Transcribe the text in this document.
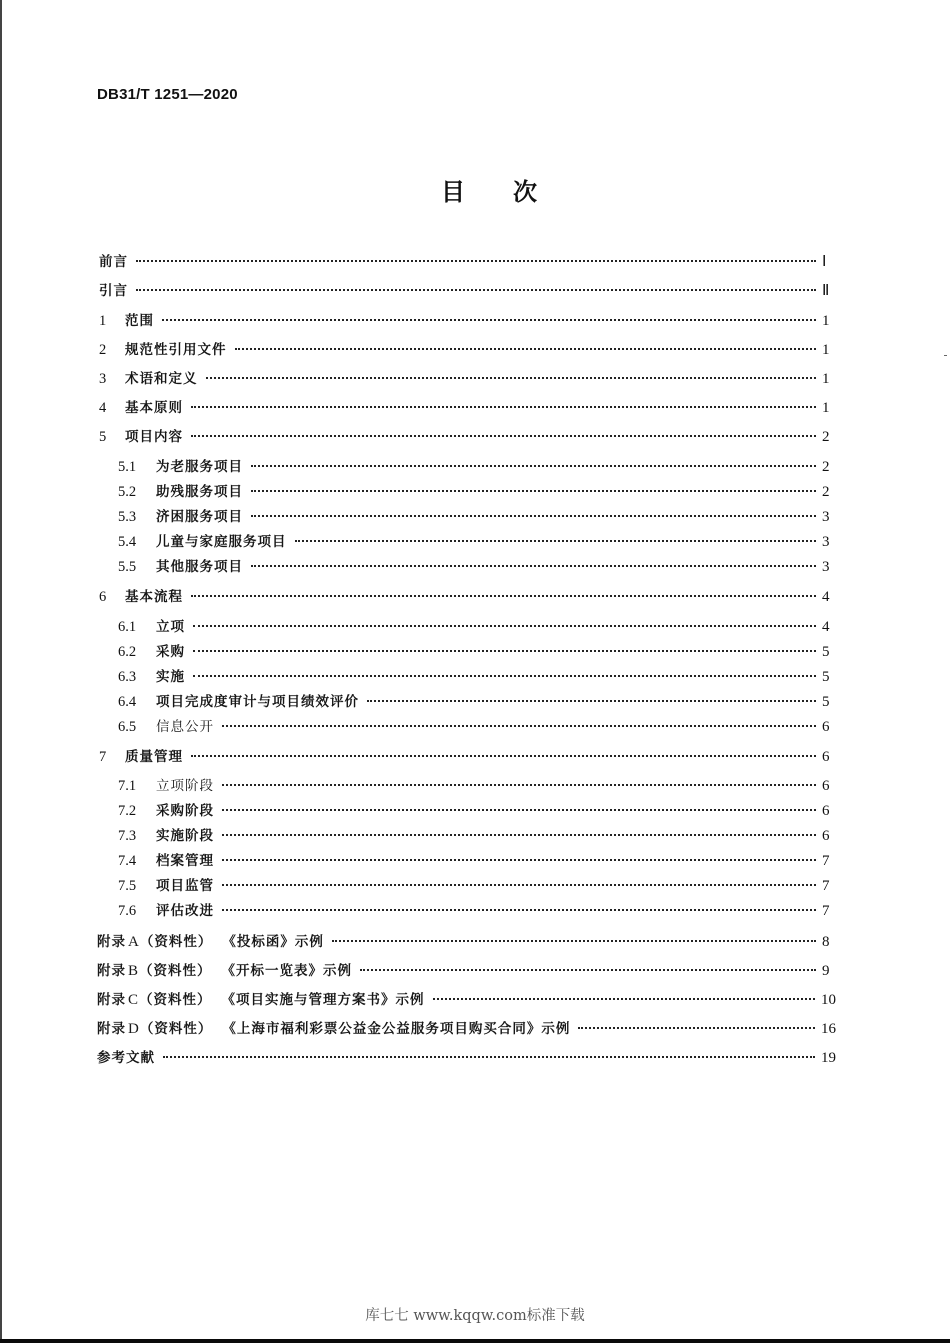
DB31/T 1251—2020
目次
前言	Ⅰ
引言	Ⅱ
1	范围	1
2	规范性引用文件	1
3	术语和定义	1
4	基本原则	1
5	项目内容	2
5.1	为老服务项目	2
5.2	助残服务项目	2
5.3	济困服务项目	3
5.4	儿童与家庭服务项目	3
5.5	其他服务项目	3
6	基本流程	4
6.1	立项	4
6.2	采购	5
6.3	实施	5
6.4	项目完成度审计与项目绩效评价	5
6.5	信息公开	6
7	质量管理	6
7.1	立项阶段	6
7.2	采购阶段	6
7.3	实施阶段	6
7.4	档案管理	7
7.5	项目监管	7
7.6	评估改进	7
附录 A （资料性） 《投标函》示例	8
附录 B （资料性） 《开标一览表》示例	9
附录 C （资料性） 《项目实施与管理方案书》示例	10
附录 D （资料性） 《上海市福利彩票公益金公益服务项目购买合同》示例	16
参考文献	19
库七七 www.kqqw.com标准下载
